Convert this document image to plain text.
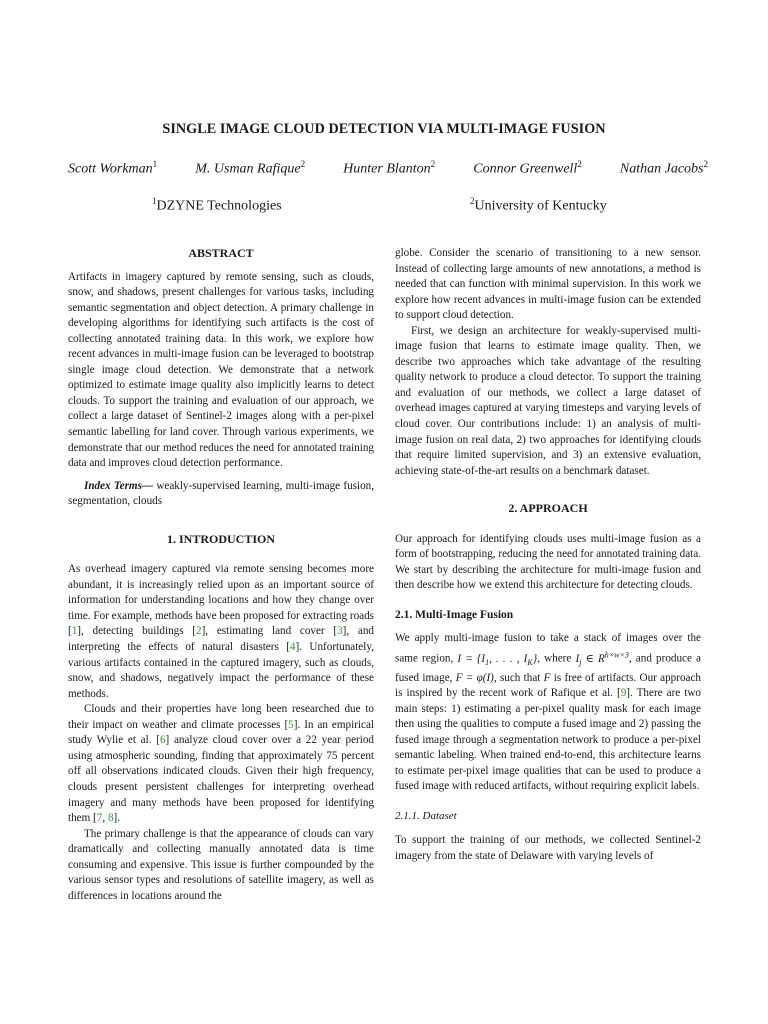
SINGLE IMAGE CLOUD DETECTION VIA MULTI-IMAGE FUSION
Scott Workman$^1$	M. Usman Rafique$^2$	Hunter Blanton$^2$	Connor Greenwell$^2$	Nathan Jacobs$^2$
$^1$DZYNE Technologies	$^2$University of Kentucky
ABSTRACT

Artifacts in imagery captured by remote sensing, such as clouds, snow, and shadows, present challenges for various tasks, including semantic segmentation and object detection. A primary challenge in developing algorithms for identifying such artifacts is the cost of collecting annotated training data. In this work, we explore how recent advances in multi-image fusion can be leveraged to bootstrap single image cloud detection. We demonstrate that a network optimized to estimate image quality also implicitly learns to detect clouds. To support the training and evaluation of our approach, we collect a large dataset of Sentinel-2 images along with a per-pixel semantic labelling for land cover. Through various experiments, we demonstrate that our method reduces the need for annotated training data and improves cloud detection performance.

Index Terms— weakly-supervised learning, multi-image fusion, segmentation, clouds

1. INTRODUCTION

As overhead imagery captured via remote sensing becomes more abundant, it is increasingly relied upon as an important source of information for understanding locations and how they change over time. For example, methods have been proposed for extracting roads [1], detecting buildings [2], estimating land cover [3], and interpreting the effects of natural disasters [4]. Unfortunately, various artifacts contained in the captured imagery, such as clouds, snow, and shadows, negatively impact the performance of these methods.

Clouds and their properties have long been researched due to their impact on weather and climate processes [5]. In an empirical study Wylie et al. [6] analyze cloud cover over a 22 year period using atmospheric sounding, finding that approximately 75 percent off all observations indicated clouds. Given their high frequency, clouds present persistent challenges for interpreting overhead imagery and many methods have been proposed for identifying them [7, 8].

The primary challenge is that the appearance of clouds can vary dramatically and collecting manually annotated data is time consuming and expensive. This issue is further compounded by the various sensor types and resolutions of satellite imagery, as well as differences in locations around the

globe. Consider the scenario of transitioning to a new sensor. Instead of collecting large amounts of new annotations, a method is needed that can function with minimal supervision. In this work we explore how recent advances in multi-image fusion can be extended to support cloud detection.

First, we design an architecture for weakly-supervised multi-image fusion that learns to estimate image quality. Then, we describe two approaches which take advantage of the resulting quality network to produce a cloud detector. To support the training and evaluation of our methods, we collect a large dataset of overhead images captured at varying timesteps and varying levels of cloud cover. Our contributions include: 1) an analysis of multi-image fusion on real data, 2) two approaches for identifying clouds that require limited supervision, and 3) an extensive evaluation, achieving state-of-the-art results on a benchmark dataset.

2. APPROACH

Our approach for identifying clouds uses multi-image fusion as a form of bootstrapping, reducing the need for annotated training data. We start by describing the architecture for multi-image fusion and then describe how we extend this architecture for detecting clouds.

2.1. Multi-Image Fusion

We apply multi-image fusion to take a stack of images over the same region, $I = \{I_1$, . . . , $I_K$}, where $I_j$ ∈ $R^{h\times w\times 3}$, and produce a fused image, F = φ(I), such that F is free of artifacts. Our approach is inspired by the recent work of Rafique et al. [9]. There are two main steps: 1) estimating a per-pixel quality mask for each image then using the qualities to compute a fused image and 2) passing the fused image through a segmentation network to produce a per-pixel semantic labeling. When trained end-to-end, this architecture learns to estimate per-pixel image qualities that can be used to produce a fused image with reduced artifacts, without requiring explicit labels.

2.1.1. Dataset

To support the training of our methods, we collected Sentinel-2 imagery from the state of Delaware with varying levels of
